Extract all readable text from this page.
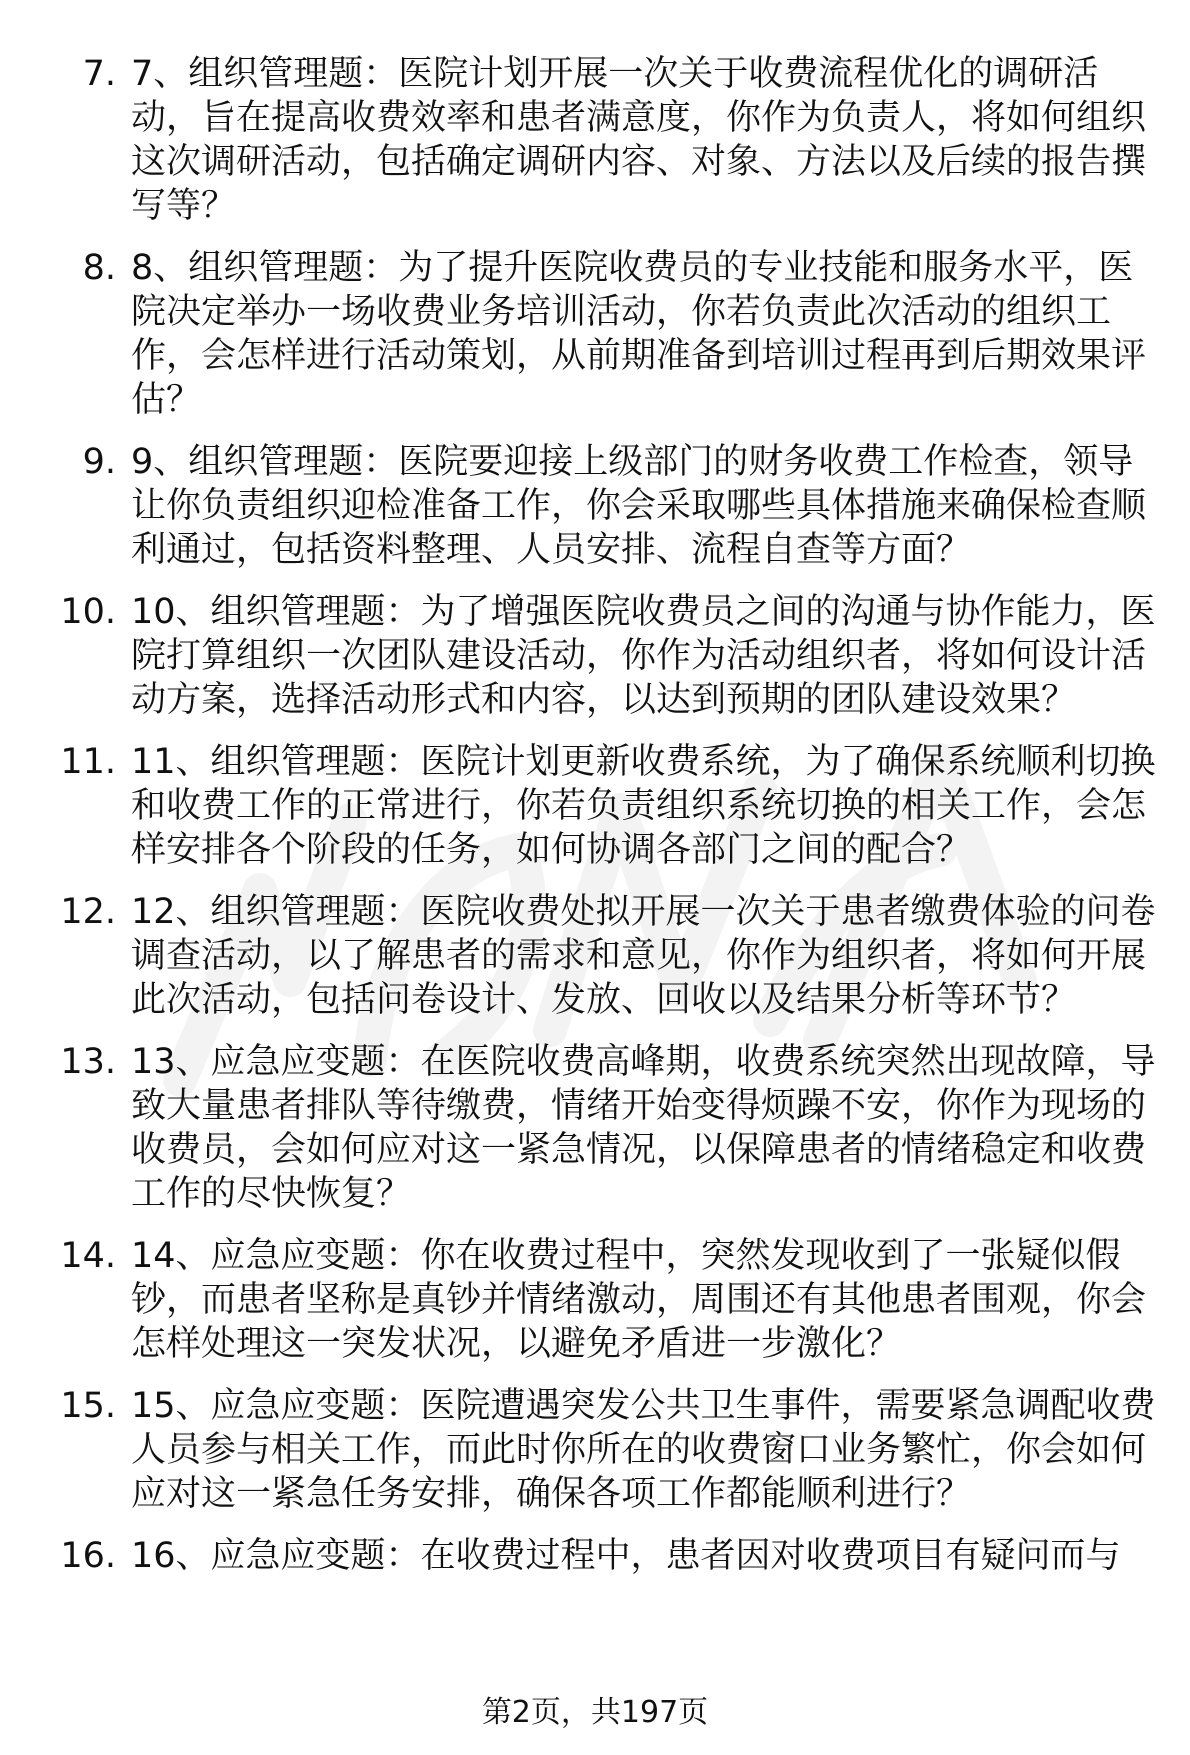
7. 7、组织管理题：医院计划开展一次关于收费流程优化的调研活动，旨在提高收费效率和患者满意度，你作为负责人，将如何组织这次调研活动，包括确定调研内容、对象、方法以及后续的报告撰写等？
8. 8、组织管理题：为了提升医院收费员的专业技能和服务水平，医院决定举办一场收费业务培训活动，你若负责此次活动的组织工作，会怎样进行活动策划，从前期准备到培训过程再到后期效果评估？
9. 9、组织管理题：医院要迎接上级部门的财务收费工作检查，领导让你负责组织迎检准备工作，你会采取哪些具体措施来确保检查顺利通过，包括资料整理、人员安排、流程自查等方面？
10. 10、组织管理题：为了增强医院收费员之间的沟通与协作能力，医院打算组织一次团队建设活动，你作为活动组织者，将如何设计活动方案，选择活动形式和内容，以达到预期的团队建设效果？
11. 11、组织管理题：医院计划更新收费系统，为了确保系统顺利切换和收费工作的正常进行，你若负责组织系统切换的相关工作，会怎样安排各个阶段的任务，如何协调各部门之间的配合？
12. 12、组织管理题：医院收费处拟开展一次关于患者缴费体验的问卷调查活动，以了解患者的需求和意见，你作为组织者，将如何开展此次活动，包括问卷设计、发放、回收以及结果分析等环节？
13. 13、应急应变题：在医院收费高峰期，收费系统突然出现故障，导致大量患者排队等待缴费，情绪开始变得烦躁不安，你作为现场的收费员，会如何应对这一紧急情况，以保障患者的情绪稳定和收费工作的尽快恢复？
14. 14、应急应变题：你在收费过程中，突然发现收到了一张疑似假钞，而患者坚称是真钞并情绪激动，周围还有其他患者围观，你会怎样处理这一突发状况，以避免矛盾进一步激化？
15. 15、应急应变题：医院遭遇突发公共卫生事件，需要紧急调配收费人员参与相关工作，而此时你所在的收费窗口业务繁忙，你会如何应对这一紧急任务安排，确保各项工作都能顺利进行？
16. 16、应急应变题：在收费过程中，患者因对收费项目有疑问而与
第2页，共197页
